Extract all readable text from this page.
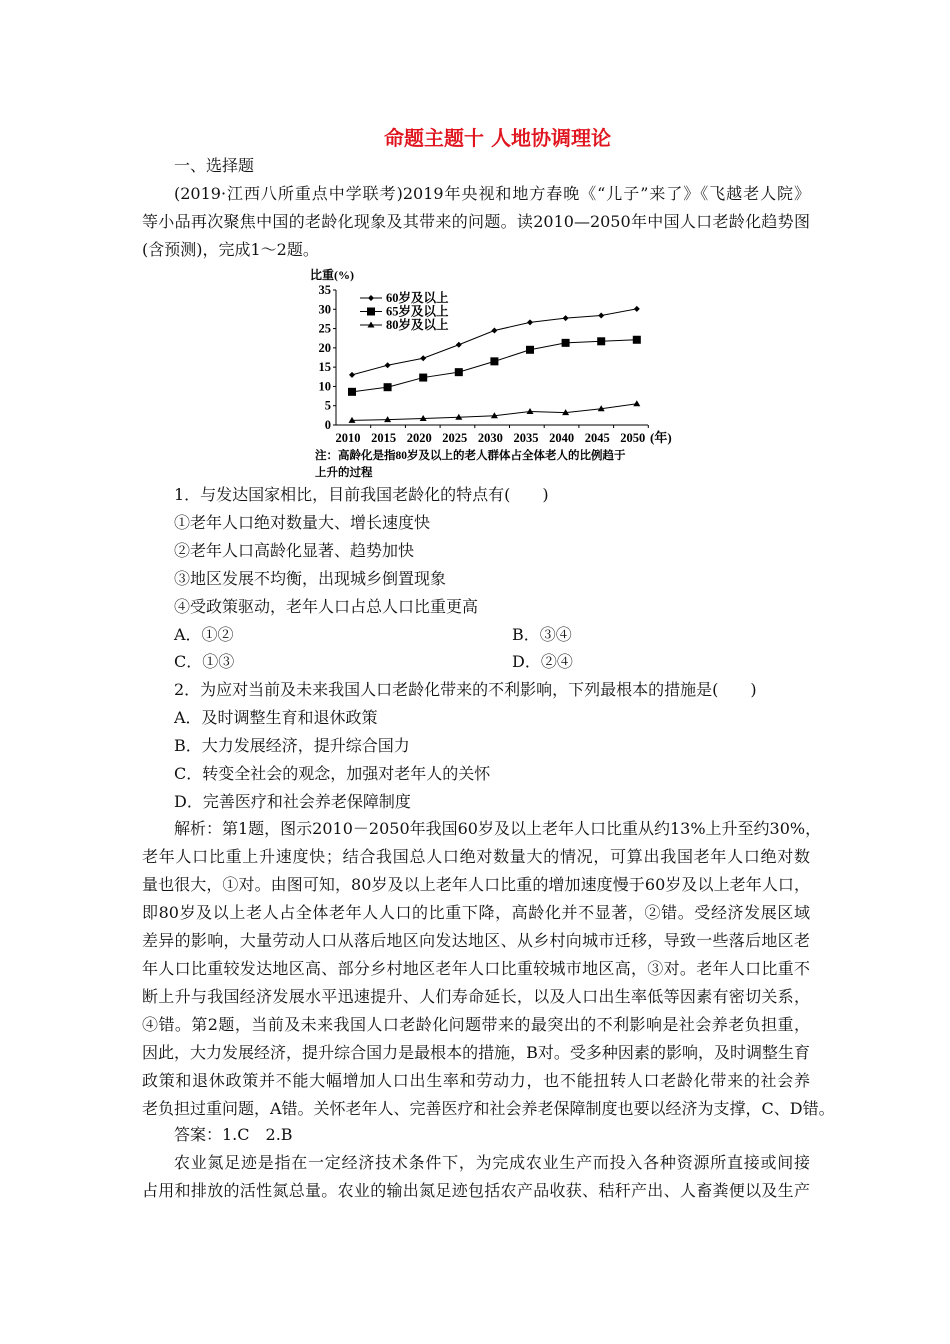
命题主题十 人地协调理论
一、选择题
(2019·江西八所重点中学联考)2019年央视和地方春晚《“儿子”来了》《飞越老人院》
等小品再次聚焦中国的老龄化现象及其带来的问题。读2010—2050年中国人口老龄化趋势图
(含预测)，完成1～2题。
比重(%)
(年)
注：高龄化是指80岁及以上的老人群体占全体老人的比例趋于
上升的过程
0
5
10
15
20
25
30
35
2010 2015 2020 2025 2030 2035 2040 2045 2050
60岁及以上
65岁及以上
80岁及以上
1．与发达国家相比，目前我国老龄化的特点有(　　)
①老年人口绝对数量大、增长速度快
②老年人口高龄化显著、趋势加快
③地区发展不均衡，出现城乡倒置现象
④受政策驱动，老年人口占总人口比重更高
A．①②	B．③④
C．①③	D．②④
2．为应对当前及未来我国人口老龄化带来的不利影响，下列最根本的措施是(　　)
A．及时调整生育和退休政策
B．大力发展经济，提升综合国力
C．转变全社会的观念，加强对老年人的关怀
D．完善医疗和社会养老保障制度
解析：第1题，图示2010－2050年我国60岁及以上老年人口比重从约13%上升至约30%，
老年人口比重上升速度快；结合我国总人口绝对数量大的情况，可算出我国老年人口绝对数
量也很大，①对。由图可知，80岁及以上老年人口比重的增加速度慢于60岁及以上老年人口，
即80岁及以上老人占全体老年人人口的比重下降，高龄化并不显著，②错。受经济发展区域
差异的影响，大量劳动人口从落后地区向发达地区、从乡村向城市迁移，导致一些落后地区老
年人口比重较发达地区高、部分乡村地区老年人口比重较城市地区高，③对。老年人口比重不
断上升与我国经济发展水平迅速提升、人们寿命延长，以及人口出生率低等因素有密切关系，
④错。第2题，当前及未来我国人口老龄化问题带来的最突出的不利影响是社会养老负担重，
因此，大力发展经济，提升综合国力是最根本的措施，B对。受多种因素的影响，及时调整生育
政策和退休政策并不能大幅增加人口出生率和劳动力，也不能扭转人口老龄化带来的社会养
老负担过重问题，A错。关怀老年人、完善医疗和社会养老保障制度也要以经济为支撑，C、D错。
答案：1.C　2.B
农业氮足迹是指在一定经济技术条件下，为完成农业生产而投入各种资源所直接或间接
占用和排放的活性氮总量。农业的输出氮足迹包括农产品收获、秸秆产出、人畜粪便以及生产
